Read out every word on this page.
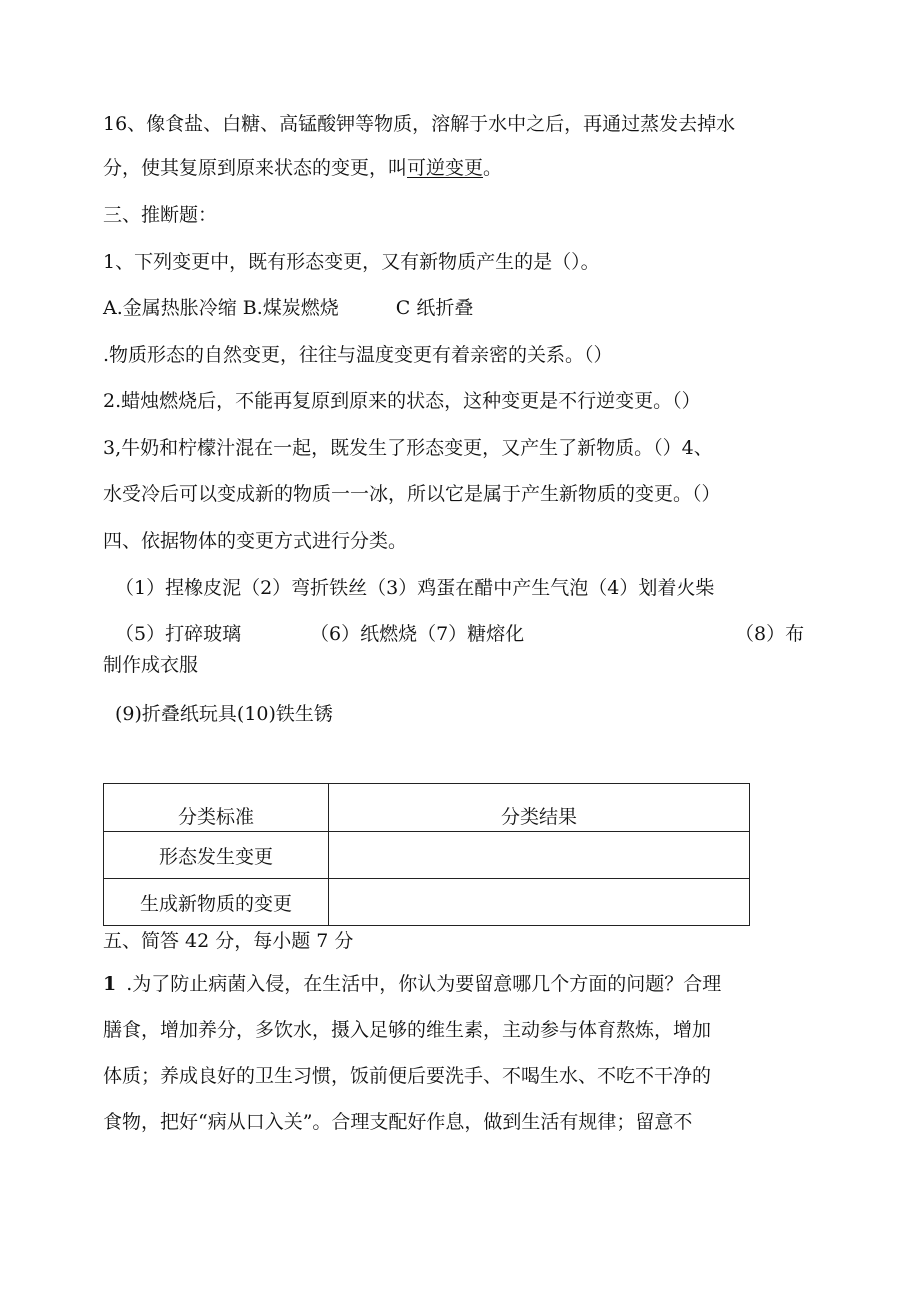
16、像食盐、白糖、高锰酸钾等物质，溶解于水中之后，再通过蒸发去掉水
分，使其复原到原来状态的变更，叫可逆变更。
三、推断题：
1、下列变更中，既有形态变更，又有新物质产生的是（）。
A.金属热胀冷缩 B.煤炭燃烧　　　C 纸折叠
.物质形态的自然变更，往往与温度变更有着亲密的关系。（）
2.蜡烛燃烧后，不能再复原到原来的状态，这种变更是不行逆变更。（）
3,牛奶和柠檬汁混在一起，既发生了形态变更，又产生了新物质。（）4、
水受冷后可以变成新的物质一一冰，所以它是属于产生新物质的变更。（）
四、依据物体的变更方式进行分类。
（1）捏橡皮泥（2）弯折铁丝（3）鸡蛋在醋中产生气泡（4）划着火柴
（5）打碎玻璃	（6）纸燃烧（7）糖熔化	（8）布
制作成衣服
(9)折叠纸玩具(10)铁生锈
分类标准	分类结果
形态发生变更	
生成新物质的变更	
五、简答 42 分，每小题 7 分
1 .为了防止病菌入侵，在生活中，你认为要留意哪几个方面的问题？合理
膳食，增加养分，多饮水，摄入足够的维生素，主动参与体育熬炼，增加
体质；养成良好的卫生习惯，饭前便后要洗手、不喝生水、不吃不干净的
食物，把好“病从口入关”。合理支配好作息，做到生活有规律；留意不
